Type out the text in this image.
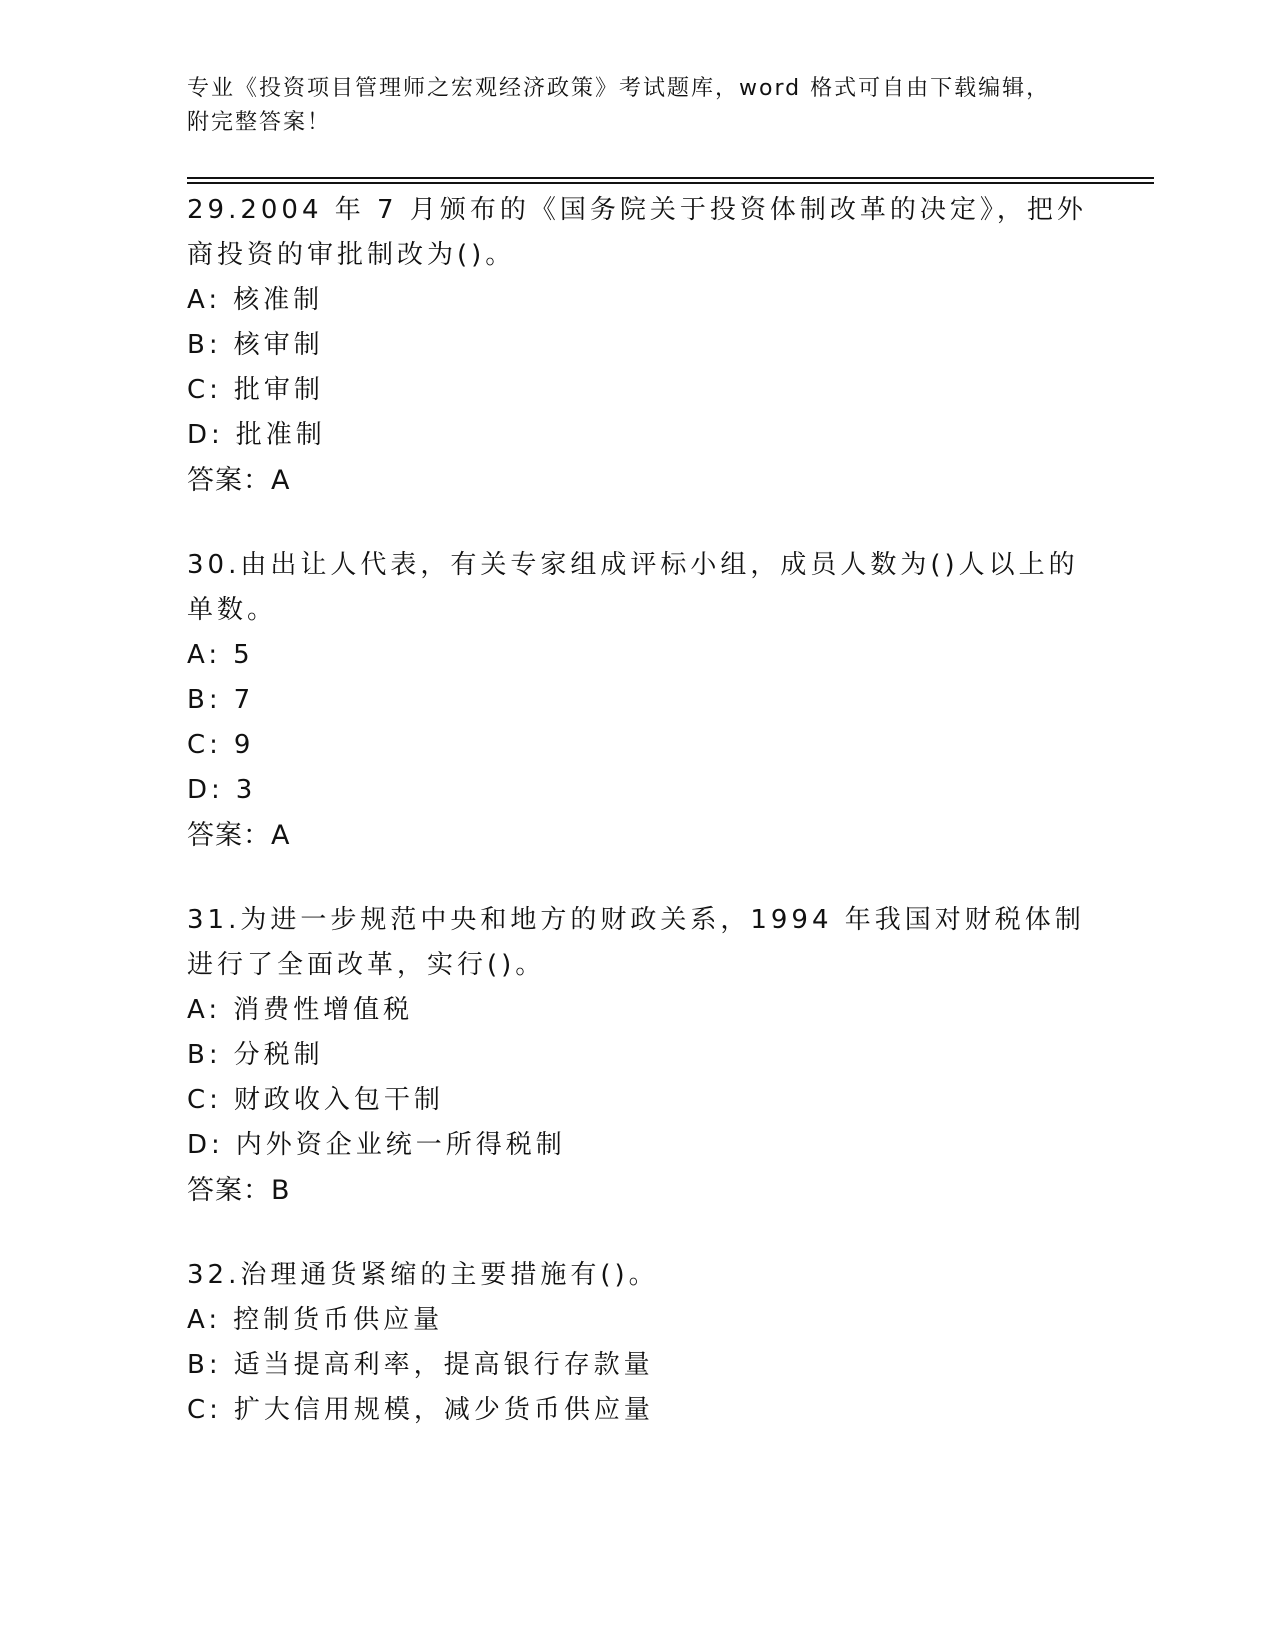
专业《投资项目管理师之宏观经济政策》考试题库，word 格式可自由下载编辑，
附完整答案！

29.2004 年 7 月颁布的《国务院关于投资体制改革的决定》，把外商投资的审批制改为()。

A: 核准制

B: 核审制

C: 批审制

D: 批准制

答案：A

30.由出让人代表，有关专家组成评标小组，成员人数为()人以上的单数。

A: 5

B: 7

C: 9

D: 3

答案：A

31.为进一步规范中央和地方的财政关系，1994 年我国对财税体制进行了全面改革，实行()。

A: 消费性增值税

B: 分税制

C: 财政收入包干制

D: 内外资企业统一所得税制

答案：B

32.治理通货紧缩的主要措施有()。

A: 控制货币供应量

B: 适当提高利率，提高银行存款量

C: 扩大信用规模，减少货币供应量
